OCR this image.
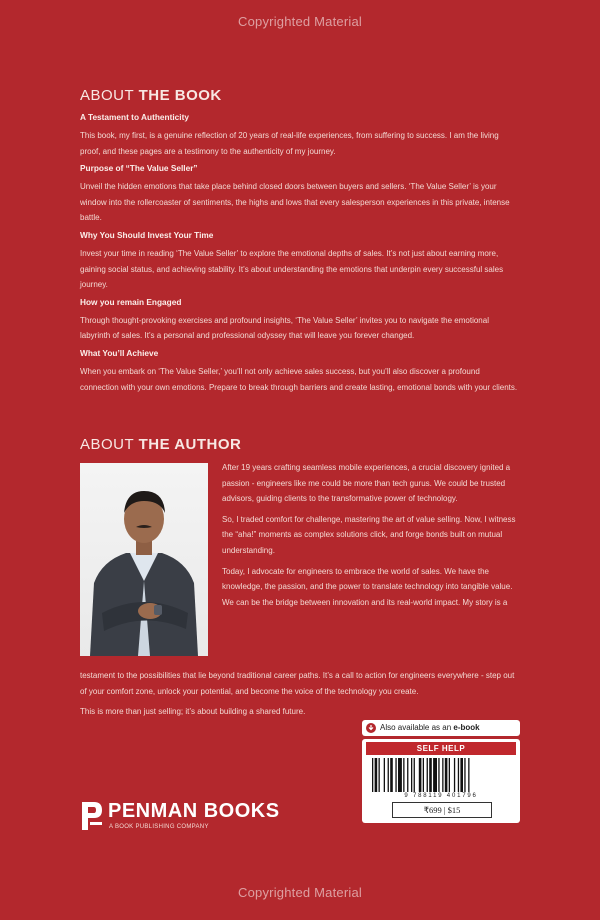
Copyrighted Material
ABOUT THE BOOK

A Testament to Authenticity

This book, my first, is a genuine reflection of 20 years of real-life experiences, from suffering to success. I am the living proof, and these pages are a testimony to the authenticity of my journey.

Purpose of “The Value Seller”

Unveil the hidden emotions that take place behind closed doors between buyers and sellers. ‘The Value Seller’ is your window into the rollercoaster of sentiments, the highs and lows that every salesperson experiences in this private, intense battle.

Why You Should Invest Your Time

Invest your time in reading ‘The Value Seller’ to explore the emotional depths of sales. It’s not just about earning more, gaining social status, and achieving stability. It’s about understanding the emotions that underpin every successful sales journey.

How you remain Engaged

Through thought-provoking exercises and profound insights, ‘The Value Seller’ invites you to navigate the emotional labyrinth of sales. It’s a personal and professional odyssey that will leave you forever changed.

What You’ll Achieve

When you embark on ‘The Value Seller,’ you’ll not only achieve sales success, but you’ll also discover a profound connection with your own emotions. Prepare to break through barriers and create lasting, emotional bonds with your clients.

ABOUT THE AUTHOR

After 19 years crafting seamless mobile experiences, a crucial discovery ignited a passion - engineers like me could be more than tech gurus. We could be trusted advisors, guiding clients to the transformative power of technology.

So, I traded comfort for challenge, mastering the art of value selling. Now, I witness the “aha!” moments as complex solutions click, and forge bonds built on mutual understanding.

Today, I advocate for engineers to embrace the world of sales. We have the knowledge, the passion, and the power to translate technology into tangible value. We can be the bridge between innovation and its real-world impact. My story is a

testament to the possibilities that lie beyond traditional career paths. It’s a call to action for engineers everywhere - step out of your comfort zone, unlock your potential, and become the voice of the technology you create.

This is more than just selling; it’s about building a shared future.

PENMAN BOOKS
A BOOK PUBLISHING COMPANY
Also available as an e-book
SELF HELP
9 788119 401796
₹699 | $15
Copyrighted Material
